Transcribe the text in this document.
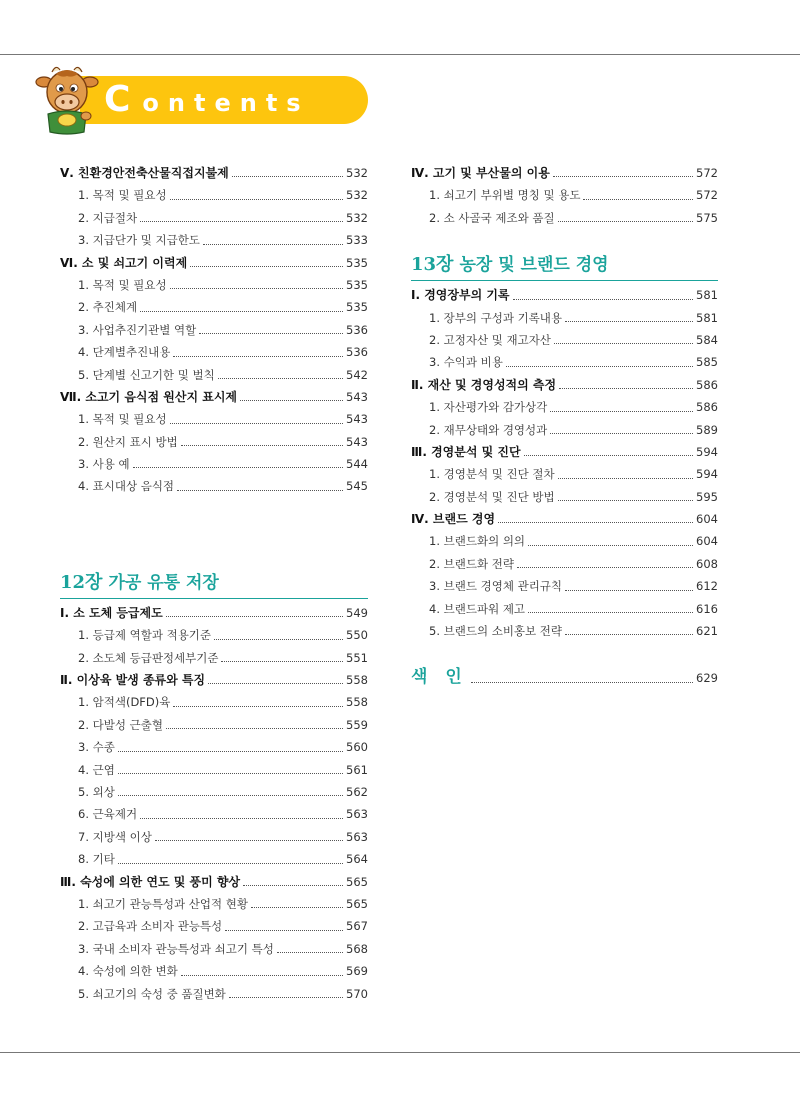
Contents
Ⅴ. 친환경안전축산물직접지불제	532
1. 목적 및 필요성	532
2. 지급절차	532
3. 지급단가 및 지급한도	533
Ⅵ. 소 및 쇠고기 이력제	535
1. 목적 및 필요성	535
2. 추진체계	535
3. 사업추진기관별 역할	536
4. 단계별추진내용	536
5. 단계별 신고기한 및 벌칙	542
Ⅶ. 소고기 음식점 원산지 표시제	543
1. 목적 및 필요성	543
2. 원산지 표시 방법	543
3. 사용 예	544
4. 표시대상 음식점	545
12장 가공 유통 저장
Ⅰ. 소 도체 등급제도	549
1. 등급제 역할과 적용기준	550
2. 소도체 등급판정세부기준	551
Ⅱ. 이상육 발생 종류와 특징	558
1. 암적색(DFD)육	558
2. 다발성 근출혈	559
3. 수종	560
4. 근염	561
5. 외상	562
6. 근육제거	563
7. 지방색 이상	563
8. 기타	564
Ⅲ. 숙성에 의한 연도 및 풍미 향상	565
1. 쇠고기 관능특성과 산업적 현황	565
2. 고급육과 소비자 관능특성	567
3. 국내 소비자 관능특성과 쇠고기 특성	568
4. 숙성에 의한 변화	569
5. 쇠고기의 숙성 중 품질변화	570
Ⅳ. 고기 및 부산물의 이용	572
1. 쇠고기 부위별 명칭 및 용도	572
2. 소 사골국 제조와 품질	575
13장 농장 및 브랜드 경영
Ⅰ. 경영장부의 기록	581
1. 장부의 구성과 기록내용	581
2. 고정자산 및 재고자산	584
3. 수익과 비용	585
Ⅱ. 재산 및 경영성적의 측정	586
1. 자산평가와 감가상각	586
2. 재무상태와 경영성과	589
Ⅲ. 경영분석 및 진단	594
1. 경영분석 및 진단 절차	594
2. 경영분석 및 진단 방법	595
Ⅳ. 브랜드 경영	604
1. 브랜드화의 의의	604
2. 브랜드화 전략	608
3. 브랜드 경영체 관리규칙	612
4. 브랜드파워 제고	616
5. 브랜드의 소비홍보 전략	621
색 인	629
